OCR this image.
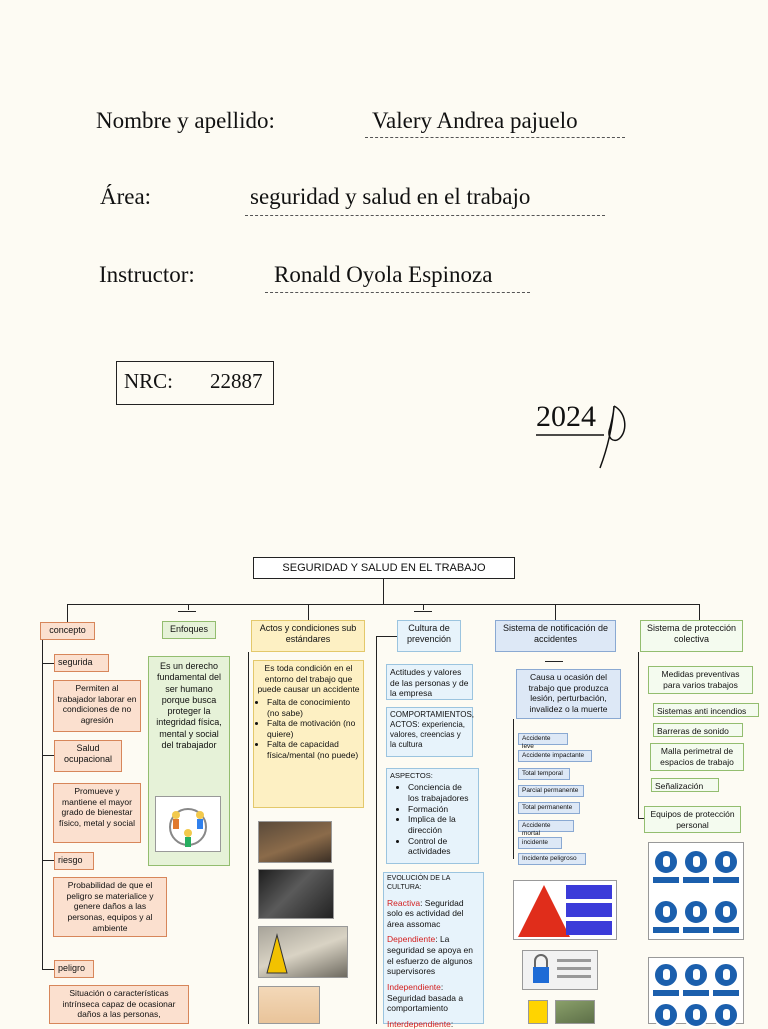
Nombre y apellido:	Valery Andrea pajuelo
Área:	seguridad y salud en el trabajo
Instructor:	Ronald Oyola Espinoza
NRC: 22887
2024
SEGURIDAD Y SALUD EN EL TRABAJO
concepto
segurida
Permiten al trabajador laborar en condiciones de no agresión
Salud ocupacional
Promueve y mantiene el mayor grado de bienestar físico, metal y social
riesgo
Probabilidad de que el peligro se materialice y genere daños a las personas, equipos y al ambiente
peligro
Situación o características intrínseca capaz de ocasionar daños a las personas,
Enfoques
Es un derecho fundamental del ser humano porque busca proteger la integridad física, mental y social del trabajador
Actos y condiciones sub estándares
Es toda condición en el entorno del trabajo que puede causar un accidente
• Falta de conocimiento (no sabe)
• Falta de motivación (no quiere)
• Falta de capacidad física/mental (no puede)
Cultura de prevención
Actitudes y valores de las personas y de la empresa
COMPORTAMIENTOS, ACTOS: experiencia, valores, creencias y la cultura
ASPECTOS:
• Conciencia de los trabajadores
• Formación
• Implica de la dirección
• Control de actividades
EVOLUCIÓN DE LA CULTURA:
Reactiva: Seguridad solo es actividad del área assomac
Dependiente: La seguridad se apoya en el esfuerzo de algunos supervisores
Independiente: Seguridad basada a comportamiento
Interdependiente:
Sistema de notificación de accidentes
Causa u ocasión del trabajo que produzca lesión, perturbación, invalidez o la muerte
Accidente leve
Accidente impactante
Total temporal
Parcial permanente
Total permanente
Accidente mortal
incidente
Incidente peligroso
Sistema de protección colectiva
Medidas preventivas para varios trabajos
Sistemas anti incendios
Barreras de sonido
Malla perimetral de espacios de trabajo
Señalización
Equipos de protección personal
